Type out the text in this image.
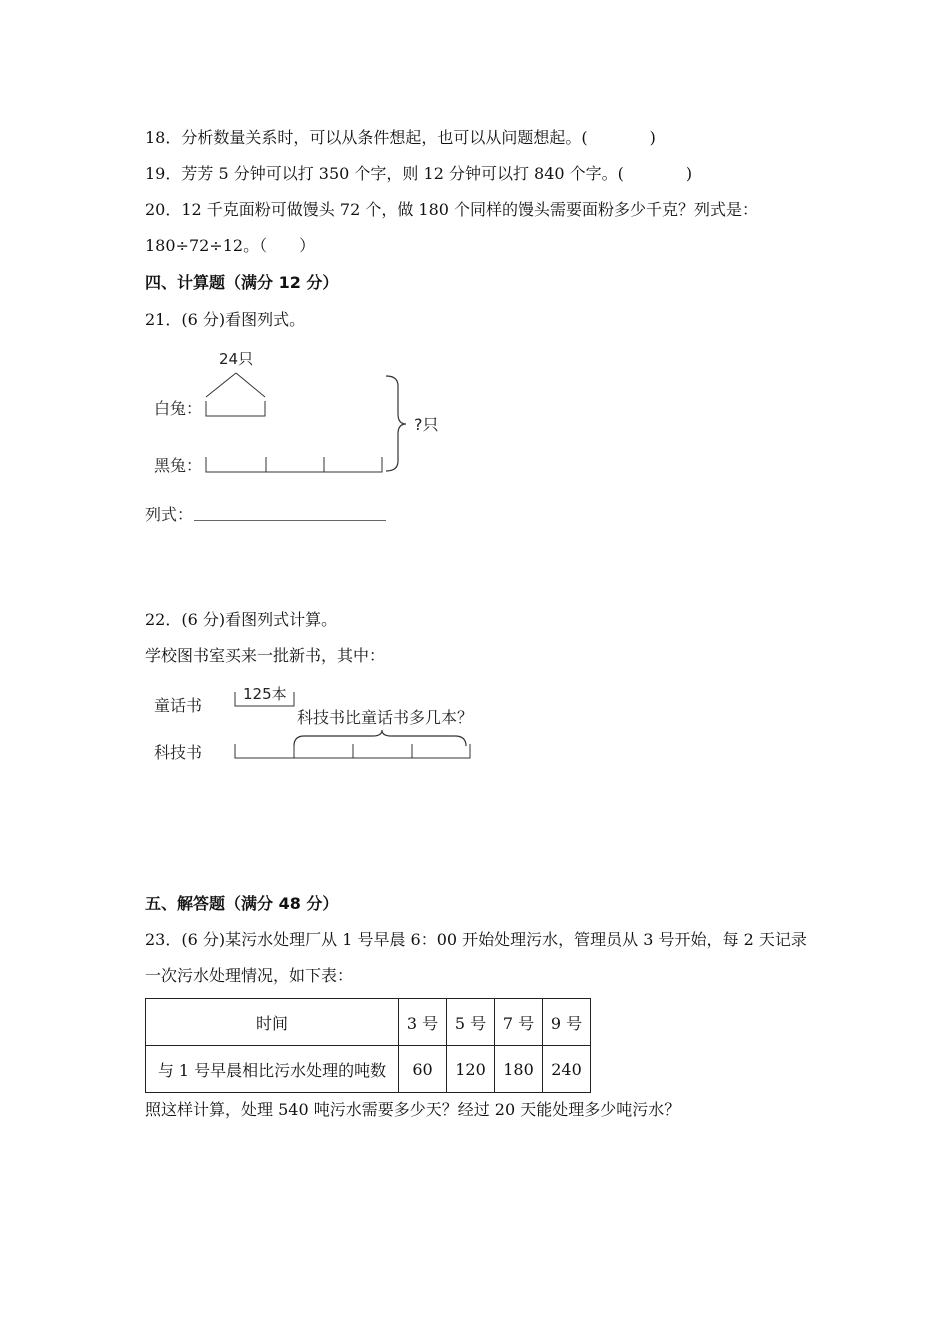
18．分析数量关系时，可以从条件想起，也可以从问题想起。(	)
19．芳芳 5 分钟可以打 350 个字，则 12 分钟可以打 840 个字。(	)
20．12 千克面粉可做馒头 72 个，做 180 个同样的馒头需要面粉多少千克？列式是：
180÷72÷12。（　　）
四、计算题（满分 12 分）
21．(6 分)看图列式。
24只
白兔：
黑兔：
?只
列式：
童话书
125本
科技书比童话书多几本？
科技书
22．(6 分)看图列式计算。
学校图书室买来一批新书，其中：
五、解答题（满分 48 分）
23．(6 分)某污水处理厂从 1 号早晨 6：00 开始处理污水，管理员从 3 号开始，每 2 天记录
一次污水处理情况，如下表：
时间	3 号	5 号	7 号	9 号
与 1 号早晨相比污水处理的吨数	60	120	180	240
照这样计算，处理 540 吨污水需要多少天？经过 20 天能处理多少吨污水？
